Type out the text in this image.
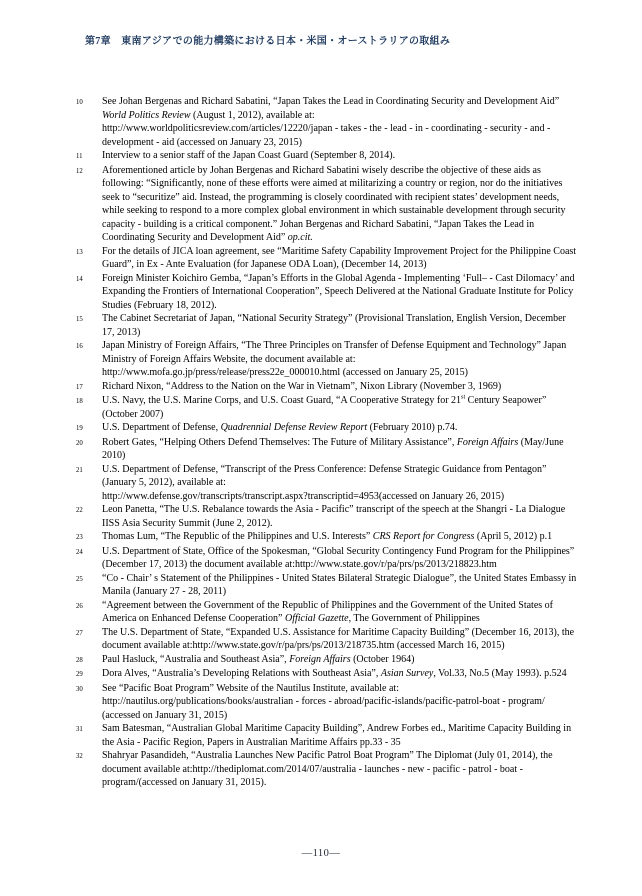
第7章　東南アジアでの能力構築における日本・米国・オーストラリアの取組み
10	See Johan Bergenas and Richard Sabatini, “Japan Takes the Lead in Coordinating Security and Development Aid” World Politics Review (August 1, 2012), available at:
http://www.worldpoliticsreview.com/articles/12220/japan - takes - the - lead - in - coordinating - security - and - development - aid (accessed on January 23, 2015)
11	Interview to a senior staff of the Japan Coast Guard (September 8, 2014).
12	Aforementioned article by Johan Bergenas and Richard Sabatini wisely describe the objective of these aids as following: “Significantly, none of these efforts were aimed at militarizing a country or region, nor do the initiatives seek to “securitize” aid. Instead, the programming is closely coordinated with recipient states’ development needs, while seeking to respond to a more complex global environment in which sustainable development through security capacity - building is a critical component.” Johan Bergenas and Richard Sabatini, “Japan Takes the Lead in Coordinating Security and Development Aid” op.cit.
13	For the details of JICA loan agreement, see “Maritime Safety Capability Improvement Project for the Philippine Coast Guard”, in Ex - Ante Evaluation (for Japanese ODA Loan), (December 14, 2013)
14	Foreign Minister Koichiro Gemba, “Japan’s Efforts in the Global Agenda - Implementing ‘Full– - Cast Dilomacy’ and Expanding the Frontiers of International Cooperation”, Speech Delivered at the National Graduate Institute for Policy Studies (February 18, 2012).
15	The Cabinet Secretariat of Japan, “National Security Strategy” (Provisional Translation, English Version, December 17, 2013)
16	Japan Ministry of Foreign Affairs, “The Three Principles on Transfer of Defense Equipment and Technology” Japan Ministry of Foreign Affairs Website, the document available at:
http://www.mofa.go.jp/press/release/press22e_000010.html (accessed on January 25, 2015)
17	Richard Nixon, “Address to the Nation on the War in Vietnam”, Nixon Library (November 3, 1969)
18	U.S. Navy, the U.S. Marine Corps, and U.S. Coast Guard, “A Cooperative Strategy for 21st Century Seapower” (October 2007)
19	U.S. Department of Defense, Quadrennial Defense Review Report (February 2010) p.74.
20	Robert Gates, “Helping Others Defend Themselves: The Future of Military Assistance”, Foreign Affairs (May/June 2010)
21	U.S. Department of Defense, “Transcript of the Press Conference: Defense Strategic Guidance from Pentagon” (January 5, 2012), available at:
http://www.defense.gov/transcripts/transcript.aspx?transcriptid=4953(accessed on January 26, 2015)
22	Leon Panetta, “The U.S. Rebalance towards the Asia - Pacific” transcript of the speech at the Shangri - La Dialogue IISS Asia Security Summit (June 2, 2012).
23	Thomas Lum, “The Republic of the Philippines and U.S. Interests” CRS Report for Congress (April 5, 2012) p.1
24	U.S. Department of State, Office of the Spokesman, “Global Security Contingency Fund Program for the Philippines” (December 17, 2013) the document available at:http://www.state.gov/r/pa/prs/ps/2013/218823.htm
25	“Co - Chair’ s Statement of the Philippines - United States Bilateral Strategic Dialogue”, the United States Embassy in Manila (January 27 - 28, 2011)
26	“Agreement between the Government of the Republic of Philippines and the Government of the United States of America on Enhanced Defense Cooperation” Official Gazette, The Government of Philippines
27	The U.S. Department of State, “Expanded U.S. Assistance for Maritime Capacity Building” (December 16, 2013), the document available at:http://www.state.gov/r/pa/prs/ps/2013/218735.htm (accessed March 16, 2015)
28	Paul Hasluck, “Australia and Southeast Asia”, Foreign Affairs (October 1964)
29	Dora Alves, “Australia’s Developing Relations with Southeast Asia”, Asian Survey, Vol.33, No.5 (May 1993). p.524
30	See “Pacific Boat Program” Website of the Nautilus Institute, available at:
http://nautilus.org/publications/books/australian - forces - abroad/pacific-islands/pacific-patrol-boat - program/ (accessed on January 31, 2015)
31	Sam Batesman, “Australian Global Maritime Capacity Building”, Andrew Forbes ed., Maritime Capacity Building in the Asia - Pacific Region, Papers in Australian Maritime Affairs pp.33 - 35
32	Shahryar Pasandideh, “Australia Launches New Pacific Patrol Boat Program” The Diplomat (July 01, 2014), the document available at:http://thediplomat.com/2014/07/australia - launches - new - pacific - patrol - boat - program/(accessed on January 31, 2015).
—110—
